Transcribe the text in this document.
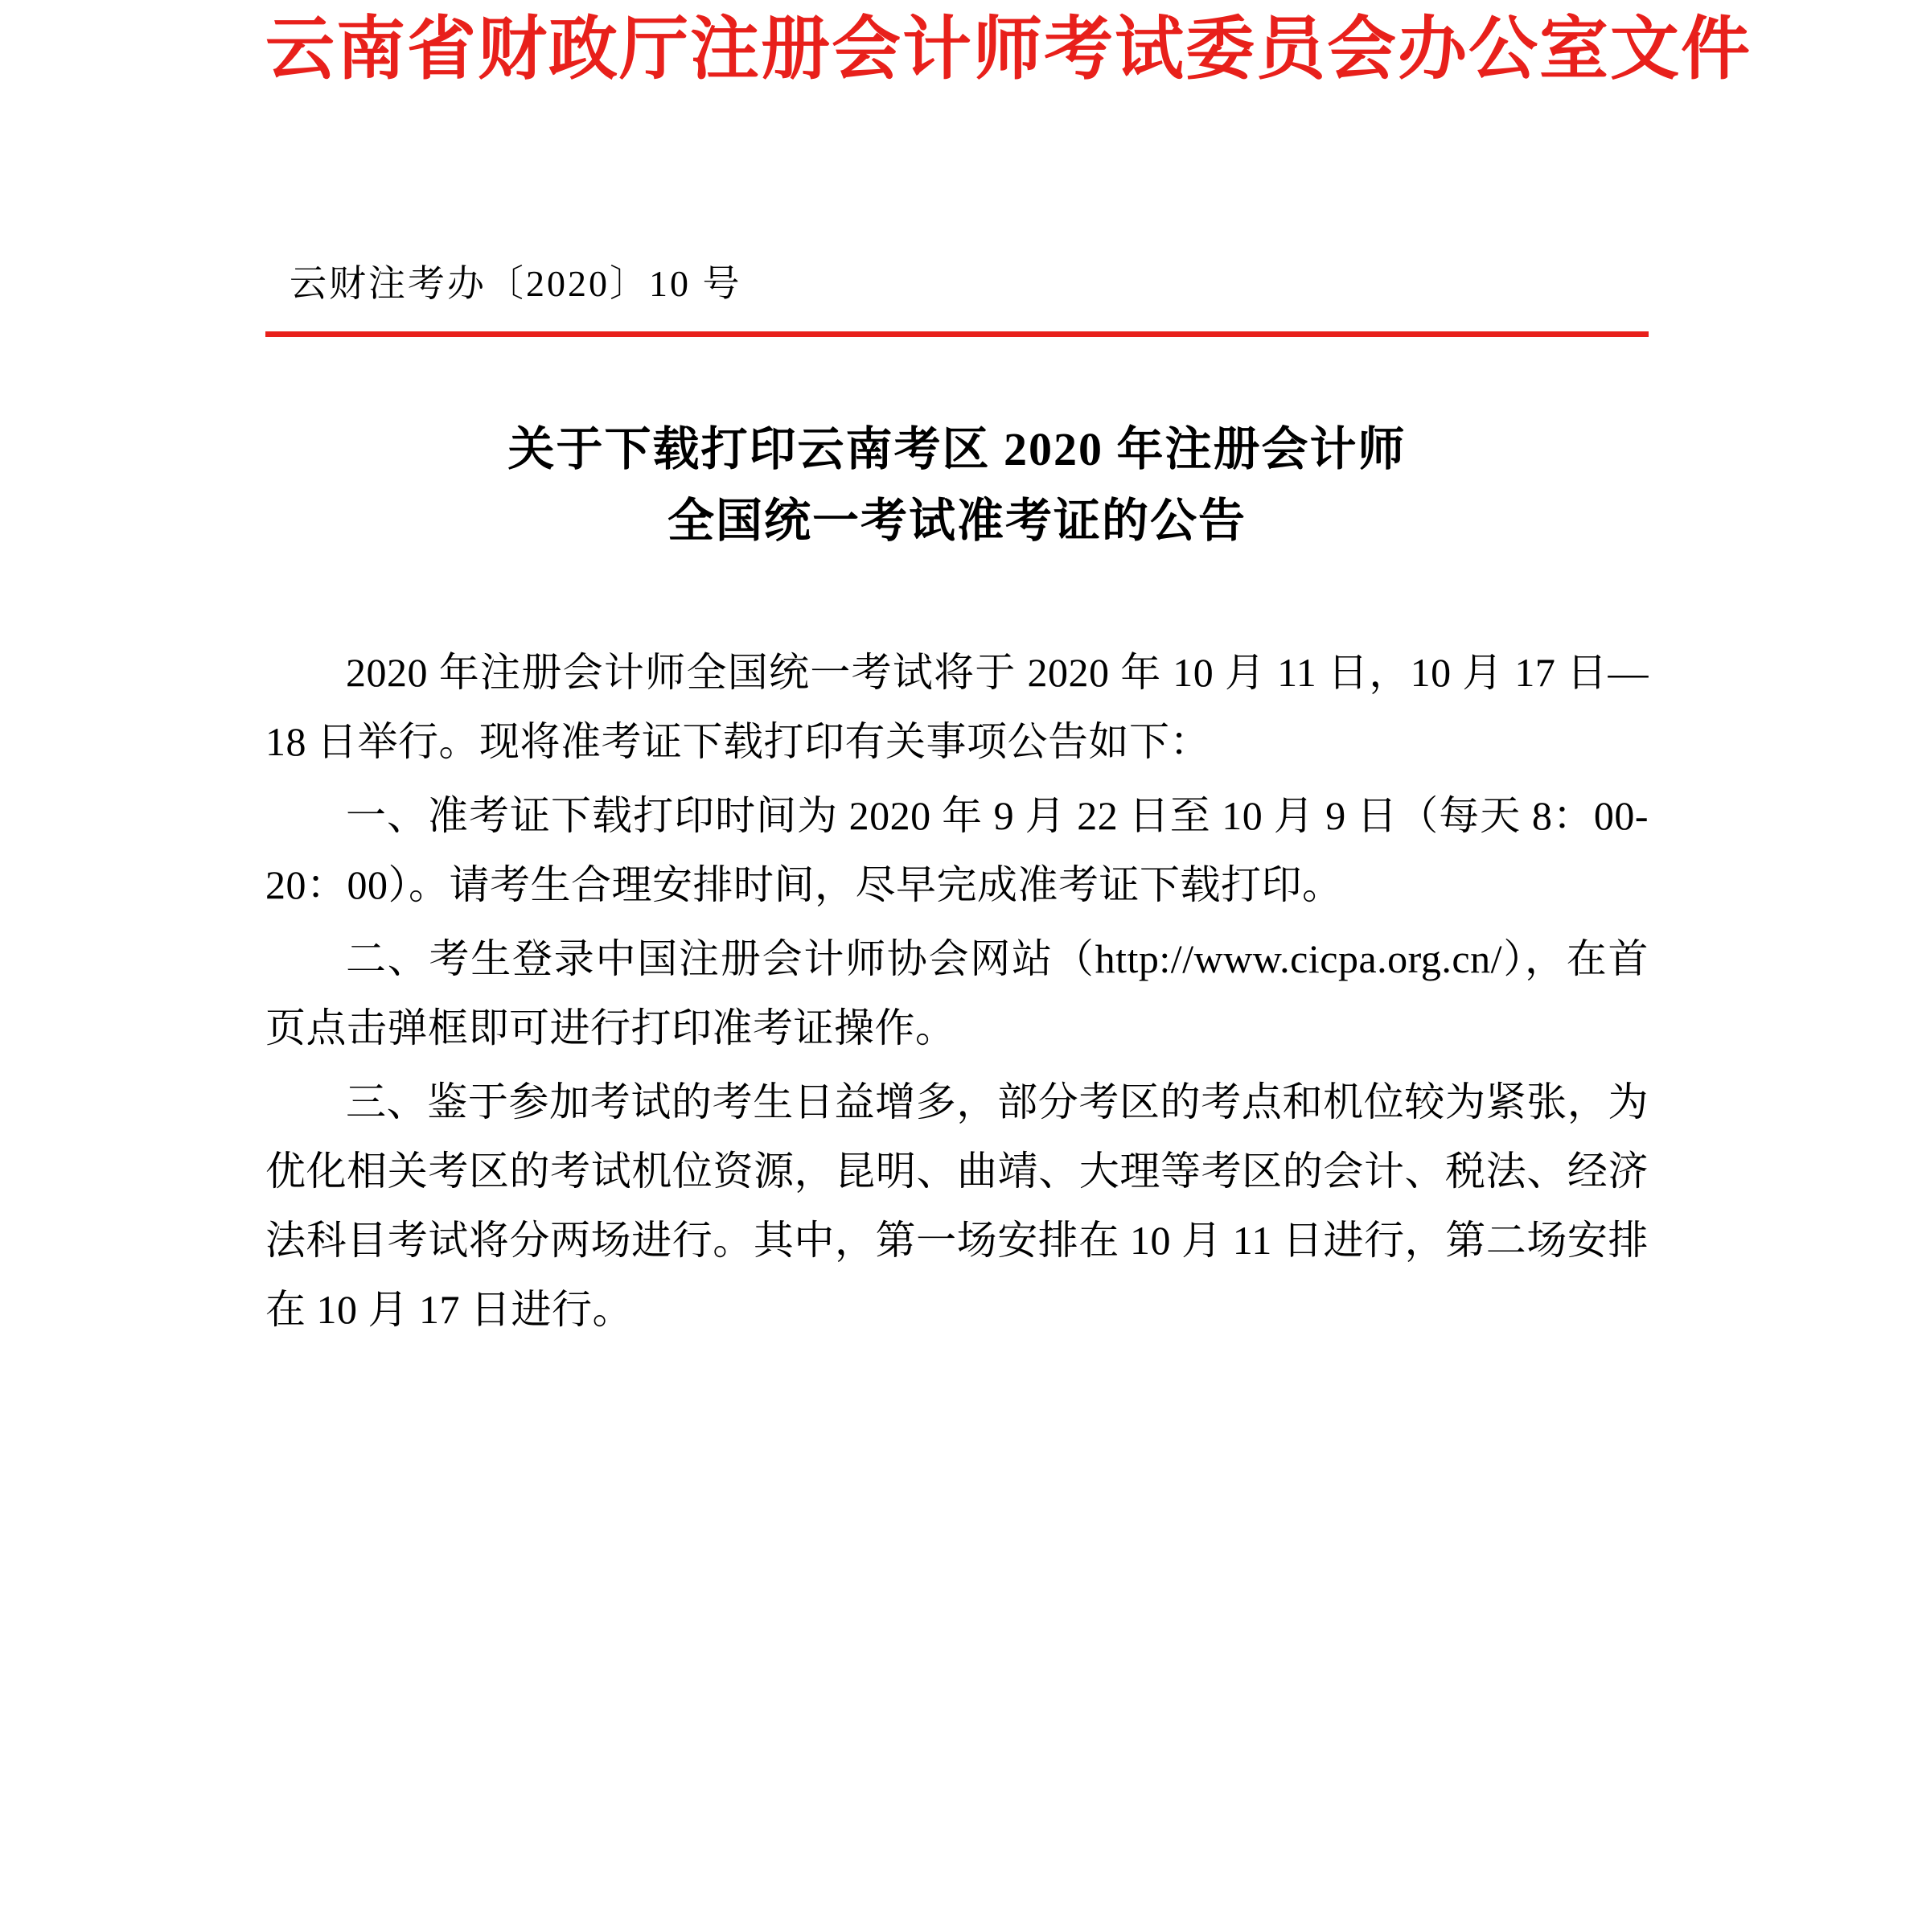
云南省财政厅注册会计师考试委员会办公室文件
云财注考办〔2020〕10 号
关于下载打印云南考区 2020 年注册会计师
全国统一考试准考证的公告

2020 年注册会计师全国统一考试将于 2020 年 10 月 11 日，10 月 17 日—18 日举行。现将准考证下载打印有关事项公告如下：

一、准考证下载打印时间为 2020 年 9 月 22 日至 10 月 9 日（每天 8：00-20：00）。请考生合理安排时间，尽早完成准考证下载打印。

二、考生登录中国注册会计师协会网站（http://www.cicpa.org.cn/），在首页点击弹框即可进行打印准考证操作。

三、鉴于参加考试的考生日益增多，部分考区的考点和机位较为紧张，为优化相关考区的考试机位资源，昆明、曲靖、大理等考区的会计、税法、经济法科目考试将分两场进行。其中，第一场安排在 10 月 11 日进行，第二场安排在 10 月 17 日进行。
